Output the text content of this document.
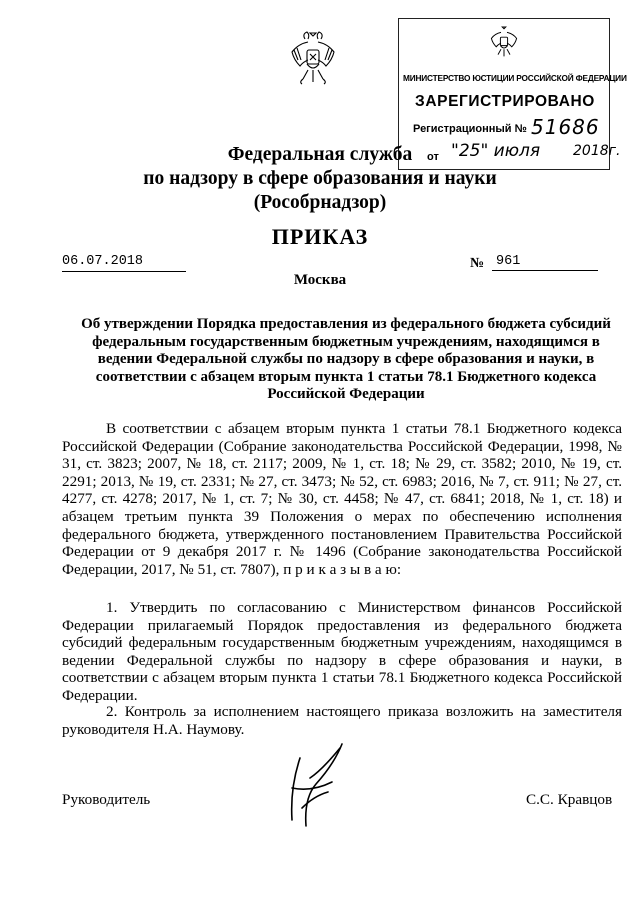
МИНИСТЕРСТВО ЮСТИЦИИ РОССИЙСКОЙ ФЕДЕРАЦИИ
ЗАРЕГИСТРИРОВАНО
Регистрационный № 51686
от "25" июля 2018г.
Федеральная служба
по надзору в сфере образования и науки
(Рособрнадзор)
ПРИКАЗ
06.07.2018	№ 961
Москва
Об утверждении Порядка предоставления из федерального бюджета субсидий федеральным государственным бюджетным учреждениям, находящимся в ведении Федеральной службы по надзору в сфере образования и науки, в соответствии с абзацем вторым пункта 1 статьи 78.1 Бюджетного кодекса Российской Федерации

В соответствии с абзацем вторым пункта 1 статьи 78.1 Бюджетного кодекса Российской Федерации (Собрание законодательства Российской Федерации, 1998, № 31, ст. 3823; 2007, № 18, ст. 2117; 2009, № 1, ст. 18; № 29, ст. 3582; 2010, № 19, ст. 2291; 2013, № 19, ст. 2331; № 27, ст. 3473; № 52, ст. 6983; 2016, № 7, ст. 911; № 27, ст. 4277, ст. 4278; 2017, № 1, ст. 7; № 30, ст. 4458; № 47, ст. 6841; 2018, № 1, ст. 18) и абзацем третьим пункта 39 Положения о мерах по обеспечению исполнения федерального бюджета, утвержденного постановлением Правительства Российской Федерации от 9 декабря 2017 г. № 1496 (Собрание законодательства Российской Федерации, 2017, № 51, ст. 7807), п р и к а з ы в а ю:

1. Утвердить по согласованию с Министерством финансов Российской Федерации прилагаемый Порядок предоставления из федерального бюджета субсидий федеральным государственным бюджетным учреждениям, находящимся в ведении Федеральной службы по надзору в сфере образования и науки, в соответствии с абзацем вторым пункта 1 статьи 78.1 Бюджетного кодекса Российской Федерации.

2. Контроль за исполнением настоящего приказа возложить на заместителя руководителя Н.А. Наумову.

Руководитель	С.С. Кравцов
